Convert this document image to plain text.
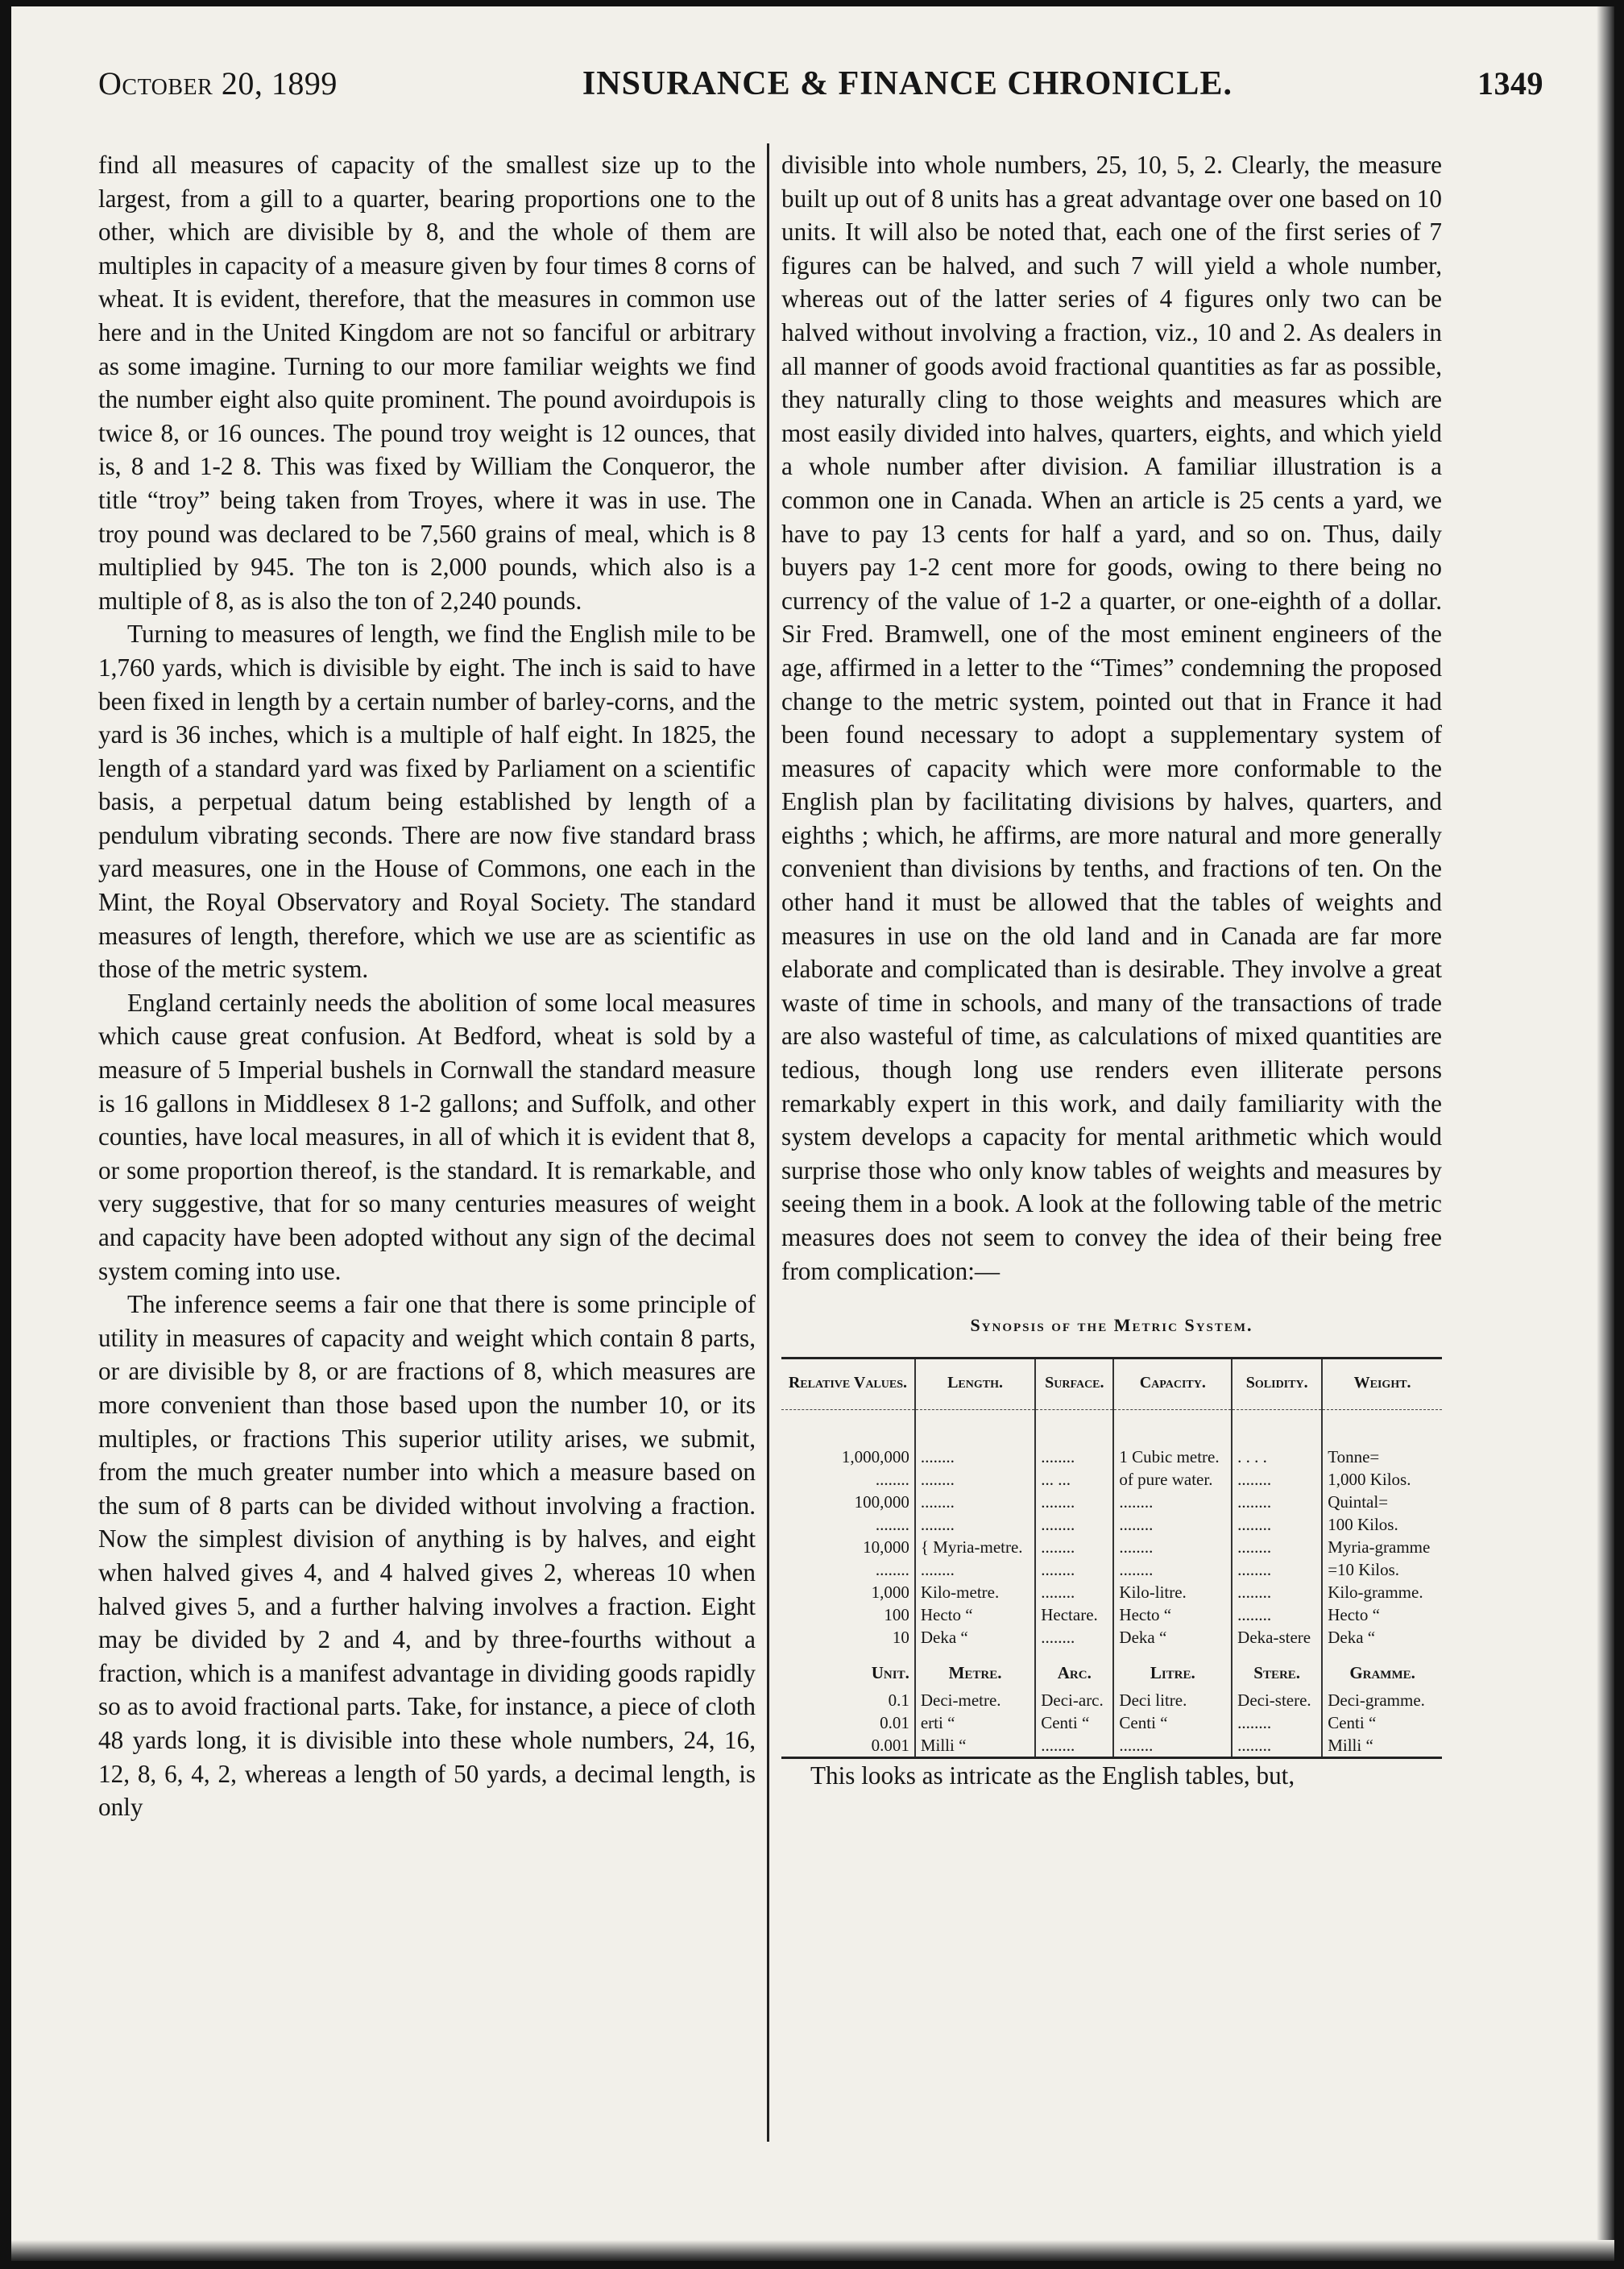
October 20, 1899	INSURANCE & FINANCE CHRONICLE.	1349

find all measures of capacity of the smallest size up to the largest, from a gill to a quarter, bearing proportions one to the other, which are divisible by 8, and the whole of them are multiples in capacity of a measure given by four times 8 corns of wheat. It is evident, therefore, that the measures in common use here and in the United Kingdom are not so fanciful or arbitrary as some imagine. Turning to our more familiar weights we find the number eight also quite prominent. The pound avoirdupois is twice 8, or 16 ounces. The pound troy weight is 12 ounces, that is, 8 and 1-2 8. This was fixed by William the Conqueror, the title “troy” being taken from Troyes, where it was in use. The troy pound was declared to be 7,560 grains of meal, which is 8 multiplied by 945. The ton is 2,000 pounds, which also is a multiple of 8, as is also the ton of 2,240 pounds.

Turning to measures of length, we find the English mile to be 1,760 yards, which is divisible by eight. The inch is said to have been fixed in length by a certain number of barley-corns, and the yard is 36 inches, which is a multiple of half eight. In 1825, the length of a standard yard was fixed by Parliament on a scientific basis, a perpetual datum being established by length of a pendulum vibrating seconds. There are now five standard brass yard measures, one in the House of Commons, one each in the Mint, the Royal Observatory and Royal Society. The standard measures of length, therefore, which we use are as scientific as those of the metric system.

England certainly needs the abolition of some local measures which cause great confusion. At Bedford, wheat is sold by a measure of 5 Imperial bushels in Cornwall the standard measure is 16 gallons in Middlesex 8 1-2 gallons; and Suffolk, and other counties, have local measures, in all of which it is evident that 8, or some proportion thereof, is the standard. It is remarkable, and very suggestive, that for so many centuries measures of weight and capacity have been adopted without any sign of the decimal system coming into use.

The inference seems a fair one that there is some principle of utility in measures of capacity and weight which contain 8 parts, or are divisible by 8, or are fractions of 8, which measures are more convenient than those based upon the number 10, or its multiples, or fractions This superior utility arises, we submit, from the much greater number into which a measure based on the sum of 8 parts can be divided without involving a fraction. Now the simplest division of anything is by halves, and eight when halved gives 4, and 4 halved gives 2, whereas 10 when halved gives 5, and a further halving involves a fraction. Eight may be divided by 2 and 4, and by three-fourths without a fraction, which is a manifest advantage in dividing goods rapidly so as to avoid fractional parts. Take, for instance, a piece of cloth 48 yards long, it is divisible into these whole numbers, 24, 16, 12, 8, 6, 4, 2, whereas a length of 50 yards, a decimal length, is only

divisible into whole numbers, 25, 10, 5, 2. Clearly, the measure built up out of 8 units has a great advantage over one based on 10 units. It will also be noted that, each one of the first series of 7 figures can be halved, and such 7 will yield a whole number, whereas out of the latter series of 4 figures only two can be halved without involving a fraction, viz., 10 and 2. As dealers in all manner of goods avoid fractional quantities as far as possible, they naturally cling to those weights and measures which are most easily divided into halves, quarters, eights, and which yield a whole number after division. A familiar illustration is a common one in Canada. When an article is 25 cents a yard, we have to pay 13 cents for half a yard, and so on. Thus, daily buyers pay 1-2 cent more for goods, owing to there being no currency of the value of 1-2 a quarter, or one-eighth of a dollar. Sir Fred. Bramwell, one of the most eminent engineers of the age, affirmed in a letter to the “Times” condemning the proposed change to the metric system, pointed out that in France it had been found necessary to adopt a supplementary system of measures of capacity which were more conformable to the English plan by facilitating divisions by halves, quarters, and eighths ; which, he affirms, are more natural and more generally convenient than divisions by tenths, and fractions of ten. On the other hand it must be allowed that the tables of weights and measures in use on the old land and in Canada are far more elaborate and complicated than is desirable. They involve a great waste of time in schools, and many of the transactions of trade are also wasteful of time, as calculations of mixed quantities are tedious, though long use renders even illiterate persons remarkably expert in this work, and daily familiarity with the system develops a capacity for mental arithmetic which would surprise those who only know tables of weights and measures by seeing them in a book. A look at the following table of the metric measures does not seem to convey the idea of their being free from complication:—

Synopsis of the Metric System.
Relative Values.	Length.	Surface.	Capacity.	Solidity.	Weight.

1,000,000	........	........	1 Cubic metre.	. . . .	Tonne=
........	........	... ...	of pure water.	........	1,000 Kilos.
100,000	........	........	........	........	Quintal=
........	........	........	........	........	100 Kilos.
10,000	{ Myria-metre.	........	........	........	Myria-gramme
........	........	........	........	........	=10 Kilos.
1,000	Kilo-metre.	........	Kilo-litre.	........	Kilo-gramme.
100	Hecto “	Hectare.	Hecto “	........	Hecto “
10	Deka “	........	Deka “	Deka-stere	Deka “
Unit.	Metre.	Arc.	Litre.	Stere.	Gramme.
0.1	Deci-metre.	Deci-arc.	Deci litre.	Deci-stere.	Deci-gramme.
0.01	erti “	Centi “	Centi “	........	Centi “
0.001	Milli “	........	........	........	Milli “

This looks as intricate as the English tables, but,
